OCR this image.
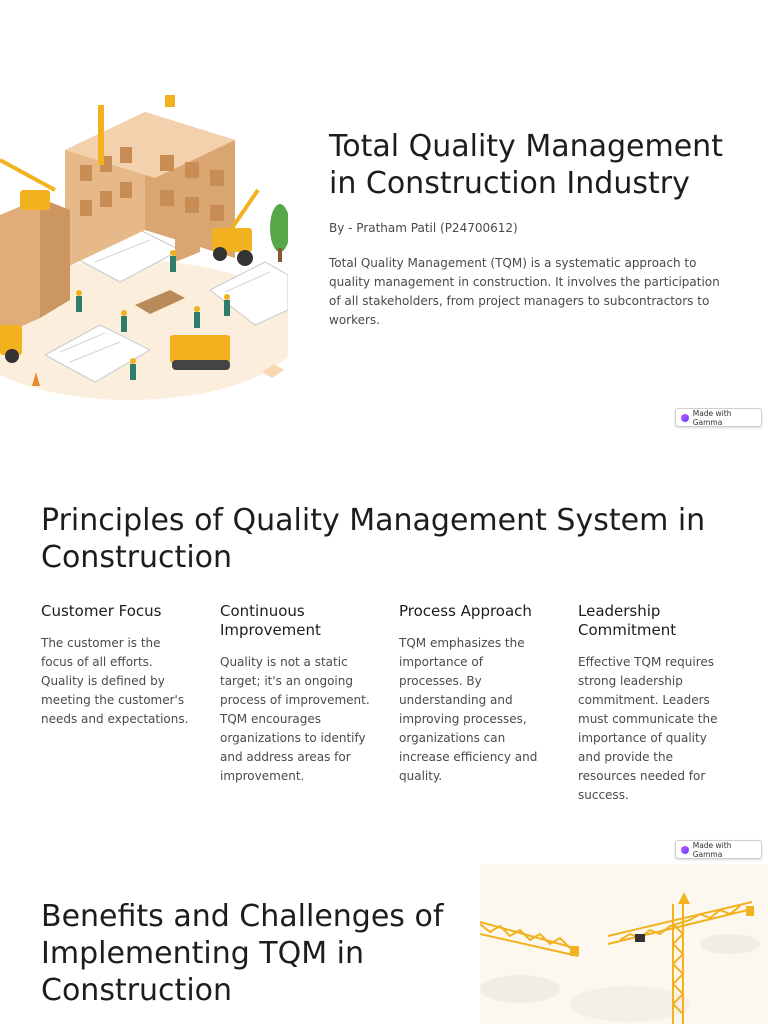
Total Quality Management in Construction Industry

By - Pratham Patil (P24700612)

Total Quality Management (TQM) is a systematic approach to quality management in construction. It involves the participation of all stakeholders, from project managers to subcontractors to workers.

Made with Gamma
Principles of Quality Management System in Construction
Customer Focus

The customer is the focus of all efforts. Quality is defined by meeting the customer's needs and expectations.

Continuous Improvement

Quality is not a static target; it's an ongoing process of improvement. TQM encourages organizations to identify and address areas for improvement.

Process Approach

TQM emphasizes the importance of processes. By understanding and improving processes, organizations can increase efficiency and quality.

Leadership Commitment

Effective TQM requires strong leadership commitment. Leaders must communicate the importance of quality and provide the resources needed for success.

Made with Gamma
Benefits and Challenges of Implementing TQM in Construction
